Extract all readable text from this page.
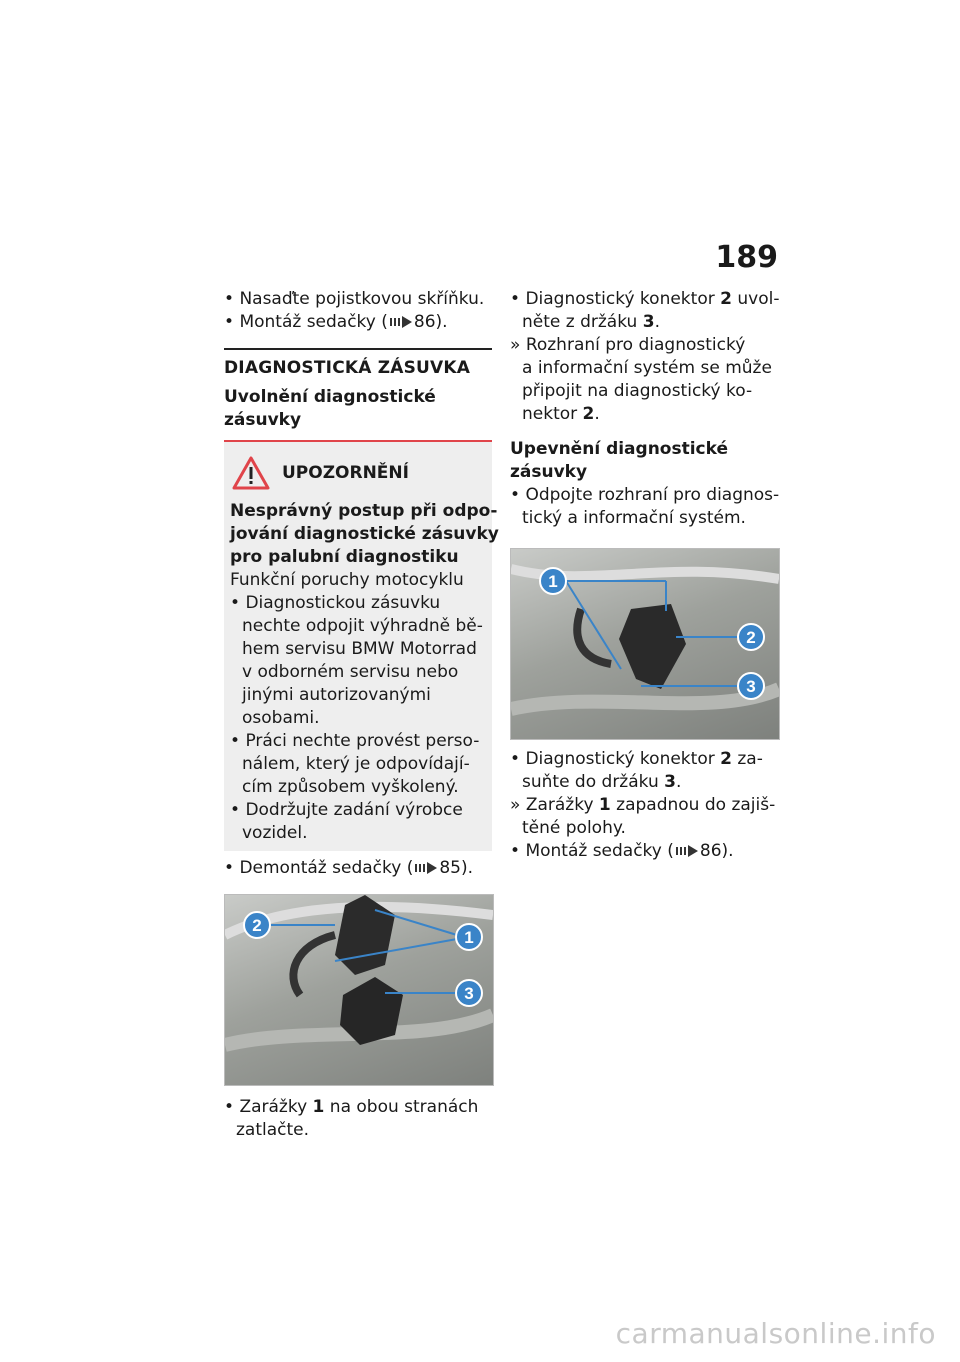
189
• Nasaďte pojistkovou skříňku.
• Montáž sedačky ( 86).
DIAGNOSTICKÁ ZÁSUVKA
Uvolnění diagnostické
zásuvky
UPOZORNĚNÍ
Nesprávný postup při odpo-
jování diagnostické zásuvky
pro palubní diagnostiku
Funkční poruchy motocyklu
• Diagnostickou zásuvku
nechte odpojit výhradně bě-
hem servisu BMW Motorrad
v odborném servisu nebo
jinými autorizovanými
osobami.
• Práci nechte provést perso-
nálem, který je odpovídají-
cím způsobem vyškolený.
• Dodržujte zadání výrobce
vozidel.
• Demontáž sedačky ( 85).
2
1
3
• Zarážky 1 na obou stranách
zatlačte.
• Diagnostický konektor 2 uvol-
něte z držáku 3.
» Rozhraní pro diagnostický
a informační systém se může
připojit na diagnostický ko-
nektor 2.
Upevnění diagnostické
zásuvky
• Odpojte rozhraní pro diagnos-
tický a informační systém.
1
2
3
• Diagnostický konektor 2 za-
suňte do držáku 3.
» Zarážky 1 zapadnou do zajiš-
těné polohy.
• Montáž sedačky ( 86).
carmanualsonline.info
